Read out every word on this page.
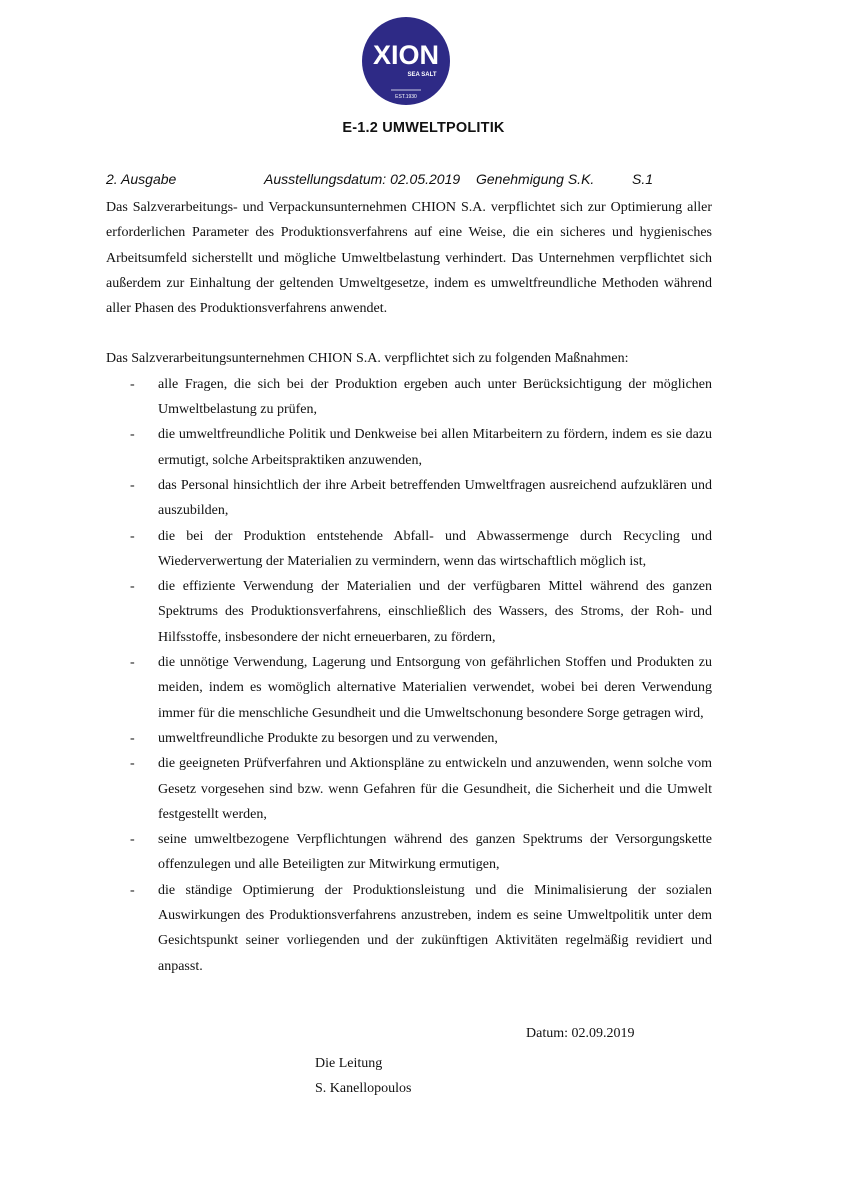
XIΟN
SEA SALT
EST.1930
E-1.2 UMWELTPOLITIK
2. Ausgabe	Ausstellungsdatum: 02.05.2019 Genehmigung S.K.	S.1

Das Salzverarbeitungs- und Verpackunsunternehmen CHION S.A. verpflichtet sich zur Optimierung aller erforderlichen Parameter des Produktionsverfahrens auf eine Weise, die ein sicheres und hygienisches Arbeitsumfeld sicherstellt und mögliche Umweltbelastung verhindert. Das Unternehmen verpflichtet sich außerdem zur Einhaltung der geltenden Umweltgesetze, indem es umweltfreundliche Methoden während aller Phasen des Produktionsverfahrens anwendet.

Das Salzverarbeitungsunternehmen CHION S.A. verpflichtet sich zu folgenden Maßnahmen:

- alle Fragen, die sich bei der Produktion ergeben auch unter Berücksichtigung der möglichen Umweltbelastung zu prüfen,
- die umweltfreundliche Politik und Denkweise bei allen Mitarbeitern zu fördern, indem es sie dazu ermutigt, solche Arbeitspraktiken anzuwenden,
- das Personal hinsichtlich der ihre Arbeit betreffenden Umweltfragen ausreichend aufzuklären und auszubilden,
- die bei der Produktion entstehende Abfall- und Abwassermenge durch Recycling und Wiederverwertung der Materialien zu vermindern, wenn das wirtschaftlich möglich ist,
- die effiziente Verwendung der Materialien und der verfügbaren Mittel während des ganzen Spektrums des Produktionsverfahrens, einschließlich des Wassers, des Stroms, der Roh- und Hilfsstoffe, insbesondere der nicht erneuerbaren, zu fördern,
- die unnötige Verwendung, Lagerung und Entsorgung von gefährlichen Stoffen und Produkten zu meiden, indem es womöglich alternative Materialien verwendet, wobei bei deren Verwendung immer für die menschliche Gesundheit und die Umweltschonung besondere Sorge getragen wird,
- umweltfreundliche Produkte zu besorgen und zu verwenden,
- die geeigneten Prüfverfahren und Aktionspläne zu entwickeln und anzuwenden, wenn solche vom Gesetz vorgesehen sind bzw. wenn Gefahren für die Gesundheit, die Sicherheit und die Umwelt festgestellt werden,
- seine umweltbezogene Verpflichtungen während des ganzen Spektrums der Versorgungskette offenzulegen und alle Beteiligten zur Mitwirkung ermutigen,
- die ständige Optimierung der Produktionsleistung und die Minimalisierung der sozialen Auswirkungen des Produktionsverfahrens anzustreben, indem es seine Umweltpolitik unter dem Gesichtspunkt seiner vorliegenden und der zukünftigen Aktivitäten regelmäßig revidiert und anpasst.
Datum: 02.09.2019
Die Leitung
S. Kanellopoulos
